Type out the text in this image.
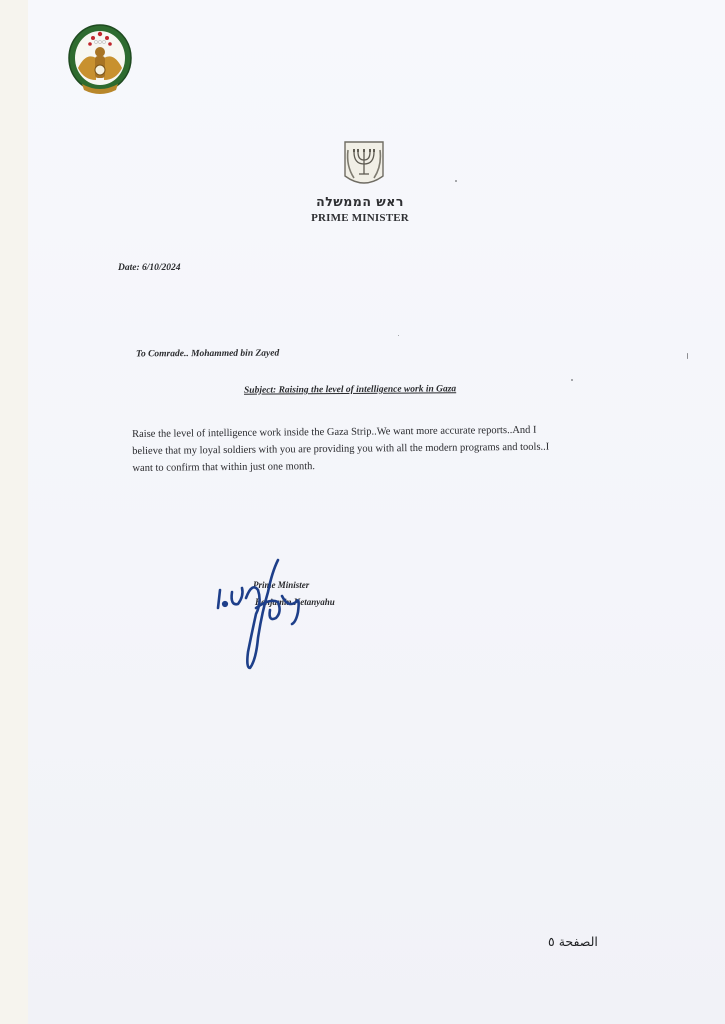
ראש הממשלה
PRIME MINISTER
Date: 6/10/2024
To Comrade.. Mohammed bin Zayed
Subject: Raising the level of intelligence work in Gaza
Raise the level of intelligence work inside the Gaza Strip..We want more accurate reports..And I
believe that my loyal soldiers with you are providing you with all the modern programs and tools..I
want to confirm that within just one month.
Prime Minister
Benjamin Netanyahu
الصفحة ٥
